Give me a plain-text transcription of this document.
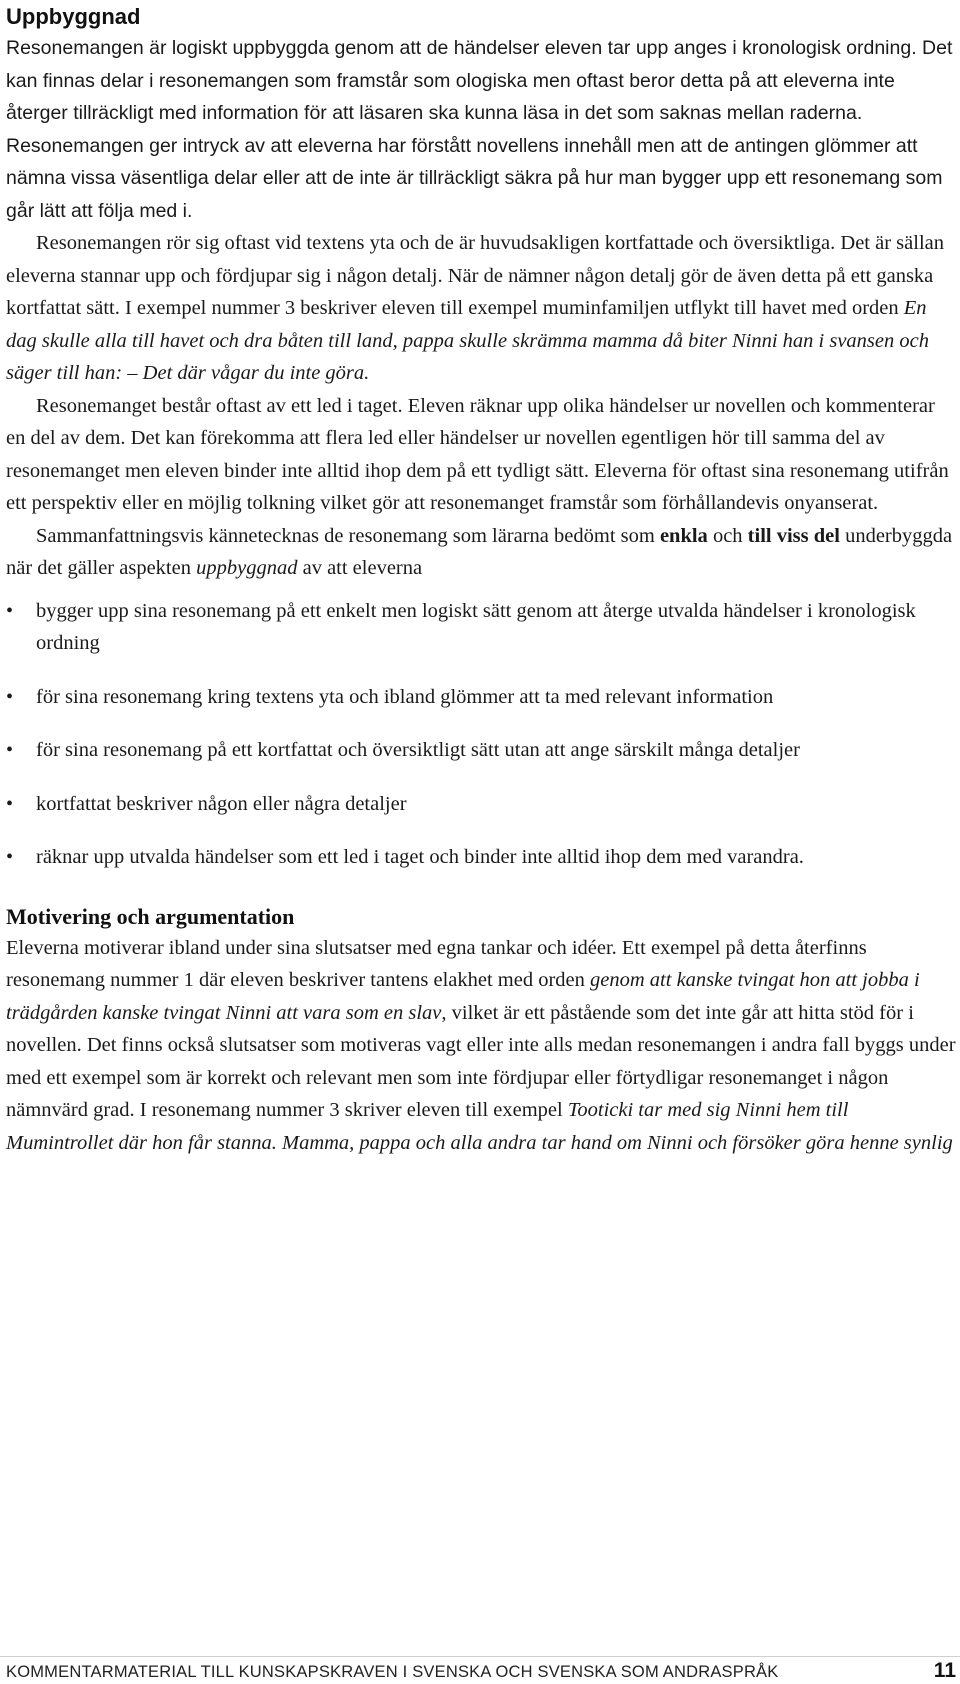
Uppbyggnad

Resonemangen är logiskt uppbyggda genom att de händelser eleven tar upp anges i kronologisk ordning. Det kan finnas delar i resonemangen som framstår som ologiska men oftast beror detta på att eleverna inte återger tillräckligt med information för att läsaren ska kunna läsa in det som saknas mellan raderna. Resonemangen ger intryck av att eleverna har förstått novellens innehåll men att de antingen glömmer att nämna vissa väsentliga delar eller att de inte är tillräckligt säkra på hur man bygger upp ett resonemang som går lätt att följa med i.

Resonemangen rör sig oftast vid textens yta och de är huvudsakligen kortfattade och översiktliga. Det är sällan eleverna stannar upp och fördjupar sig i någon detalj. När de nämner någon detalj gör de även detta på ett ganska kortfattat sätt. I exempel nummer 3 beskriver eleven till exempel muminfamiljen utflykt till havet med orden En dag skulle alla till havet och dra båten till land, pappa skulle skrämma mamma då biter Ninni han i svansen och säger till han: – Det där vågar du inte göra.

Resonemanget består oftast av ett led i taget. Eleven räknar upp olika händelser ur novellen och kommenterar en del av dem. Det kan förekomma att flera led eller händelser ur novellen egentligen hör till samma del av resonemanget men eleven binder inte alltid ihop dem på ett tydligt sätt. Eleverna för oftast sina resonemang utifrån ett perspektiv eller en möjlig tolkning vilket gör att resonemanget framstår som förhållandevis onyanserat.

Sammanfattningsvis kännetecknas de resonemang som lärarna bedömt som enkla och till viss del underbyggda när det gäller aspekten uppbyggnad av att eleverna

•	bygger upp sina resonemang på ett enkelt men logiskt sätt genom att återge utvalda händelser i kronologisk ordning
•	för sina resonemang kring textens yta och ibland glömmer att ta med relevant information
•	för sina resonemang på ett kortfattat och översiktligt sätt utan att ange särskilt många detaljer
•	kortfattat beskriver någon eller några detaljer
•	räknar upp utvalda händelser som ett led i taget och binder inte alltid ihop dem med varandra.
Motivering och argumentation

Eleverna motiverar ibland under sina slutsatser med egna tankar och idéer. Ett exempel på detta återfinns resonemang nummer 1 där eleven beskriver tantens elakhet med orden genom att kanske tvingat hon att jobba i trädgården kanske tvingat Ninni att vara som en slav, vilket är ett påstående som det inte går att hitta stöd för i novellen. Det finns också slutsatser som motiveras vagt eller inte alls medan resonemangen i andra fall byggs under med ett exempel som är korrekt och relevant men som inte fördjupar eller förtydligar resonemanget i någon nämnvärd grad. I resonemang nummer 3 skriver eleven till exempel Tooticki tar med sig Ninni hem till Mumintrollet där hon får stanna. Mamma, pappa och alla andra tar hand om Ninni och försöker göra henne synlig

KOMMENTARMATERIAL TILL KUNSKAPSKRAVEN I SVENSKA OCH SVENSKA SOM ANDRASPRÅK	11
